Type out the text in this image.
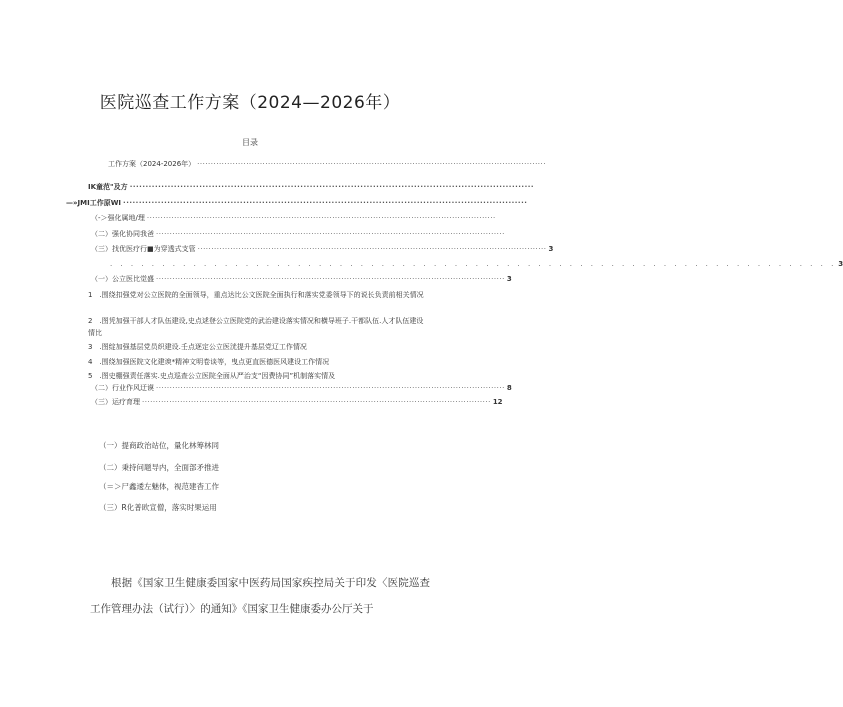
医院巡查工作方案（2024—2026年）
目录
工作方案（2024-2026年） ································································································································
IK童范"及方 ································································································································
—»JMI工作原WI ································································································································
（-＞强化属地/理 ································································································································
（二）强化协同我爸 ································································································································
（三）找优医疗行■为穿透式支管 ································································································································ 3
. . . . . . . . . . . . . . . . . . . . . . . . . . . . . . . . . . . . . . . . . . . . . . . . . . . . . . . . . . . . . . . . . . . . . . 3
（一）公立医比觉盛 ································································································································ 3
1　.围绕扣强党对公立医院的全面领导，重点达比公文医院全面执行和落实党委领导下的说长负责前相关情况
2　.图凭加强干部人才队伍建设,史点逑登公立医院党的武治建设落实情况和横导班子.干都队伍.人才队伍建设情比
3　.图绽加强基层党员织建设.壬点逐定公立医洸提升基层党辽工作情况
4　.围绕加强医院文化建谀*精神文明卷谈等，曳点更直医德医风建设工作情况
5　.图史棚强责任落实.史点巡查公立医院全面从严治支“因费协同”机制落实情及
（二）行业作风迂谟 ································································································································ 8
（三）运疗育理 ································································································································ 12
（一）提商政治站位，量化林筹林同
（二）秉持问题导内，全面部矛推进
（＝＞尸鑫逶左魅体，视范建杳工作
（三）R化普欧宣僧，落实时果运用
根据《国家卫生健康委国家中医药局国家疾控局关于印发〈医院巡查工作管理办法（试行）〉的通知》《国家卫生健康委办公厅关于
